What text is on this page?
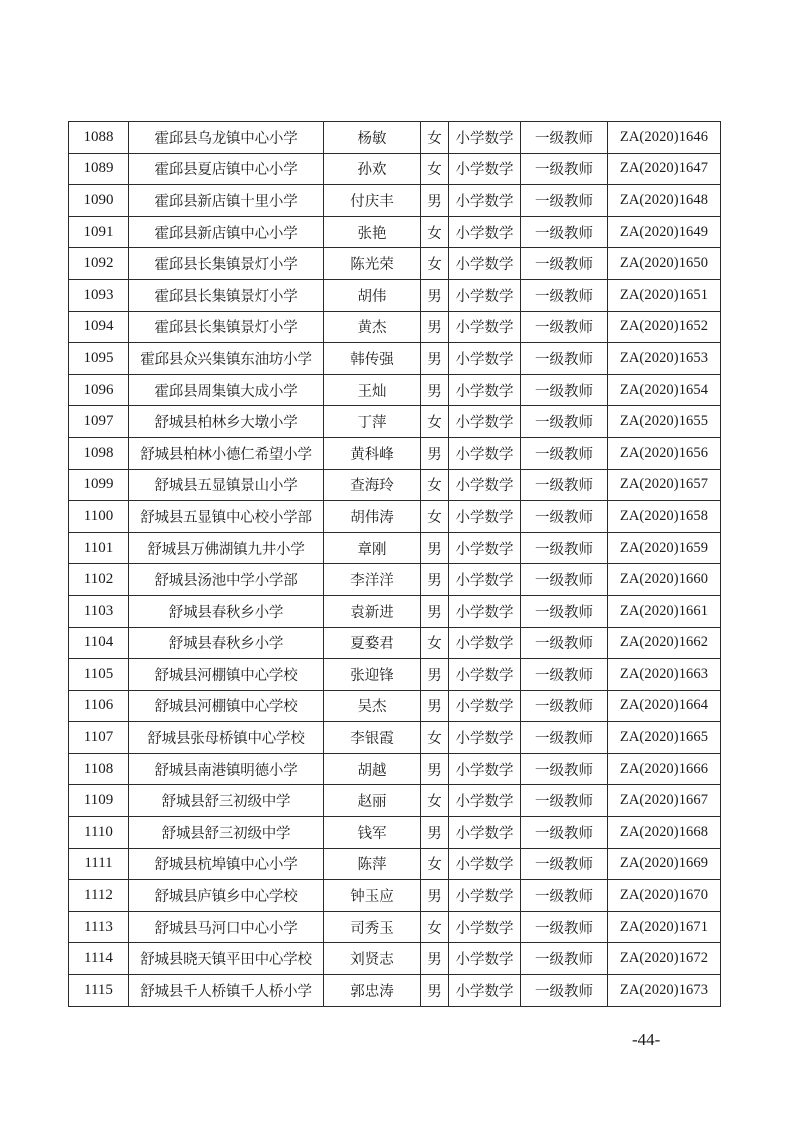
1088	霍邱县乌龙镇中心小学	杨敏	女	小学数学	一级教师	ZA(2020)1646
1089	霍邱县夏店镇中心小学	孙欢	女	小学数学	一级教师	ZA(2020)1647
1090	霍邱县新店镇十里小学	付庆丰	男	小学数学	一级教师	ZA(2020)1648
1091	霍邱县新店镇中心小学	张艳	女	小学数学	一级教师	ZA(2020)1649
1092	霍邱县长集镇景灯小学	陈光荣	女	小学数学	一级教师	ZA(2020)1650
1093	霍邱县长集镇景灯小学	胡伟	男	小学数学	一级教师	ZA(2020)1651
1094	霍邱县长集镇景灯小学	黄杰	男	小学数学	一级教师	ZA(2020)1652
1095	霍邱县众兴集镇东油坊小学	韩传强	男	小学数学	一级教师	ZA(2020)1653
1096	霍邱县周集镇大成小学	王灿	男	小学数学	一级教师	ZA(2020)1654
1097	舒城县柏林乡大墩小学	丁萍	女	小学数学	一级教师	ZA(2020)1655
1098	舒城县柏林小德仁希望小学	黄科峰	男	小学数学	一级教师	ZA(2020)1656
1099	舒城县五显镇景山小学	查海玲	女	小学数学	一级教师	ZA(2020)1657
1100	舒城县五显镇中心校小学部	胡伟涛	女	小学数学	一级教师	ZA(2020)1658
1101	舒城县万佛湖镇九井小学	章刚	男	小学数学	一级教师	ZA(2020)1659
1102	舒城县汤池中学小学部	李洋洋	男	小学数学	一级教师	ZA(2020)1660
1103	舒城县春秋乡小学	袁新进	男	小学数学	一级教师	ZA(2020)1661
1104	舒城县春秋乡小学	夏婺君	女	小学数学	一级教师	ZA(2020)1662
1105	舒城县河棚镇中心学校	张迎锋	男	小学数学	一级教师	ZA(2020)1663
1106	舒城县河棚镇中心学校	吴杰	男	小学数学	一级教师	ZA(2020)1664
1107	舒城县张母桥镇中心学校	李银霞	女	小学数学	一级教师	ZA(2020)1665
1108	舒城县南港镇明德小学	胡越	男	小学数学	一级教师	ZA(2020)1666
1109	舒城县舒三初级中学	赵丽	女	小学数学	一级教师	ZA(2020)1667
1110	舒城县舒三初级中学	钱军	男	小学数学	一级教师	ZA(2020)1668
1111	舒城县杭埠镇中心小学	陈萍	女	小学数学	一级教师	ZA(2020)1669
1112	舒城县庐镇乡中心学校	钟玉应	男	小学数学	一级教师	ZA(2020)1670
1113	舒城县马河口中心小学	司秀玉	女	小学数学	一级教师	ZA(2020)1671
1114	舒城县晓天镇平田中心学校	刘贤志	男	小学数学	一级教师	ZA(2020)1672
1115	舒城县千人桥镇千人桥小学	郭忠涛	男	小学数学	一级教师	ZA(2020)1673
-44-
